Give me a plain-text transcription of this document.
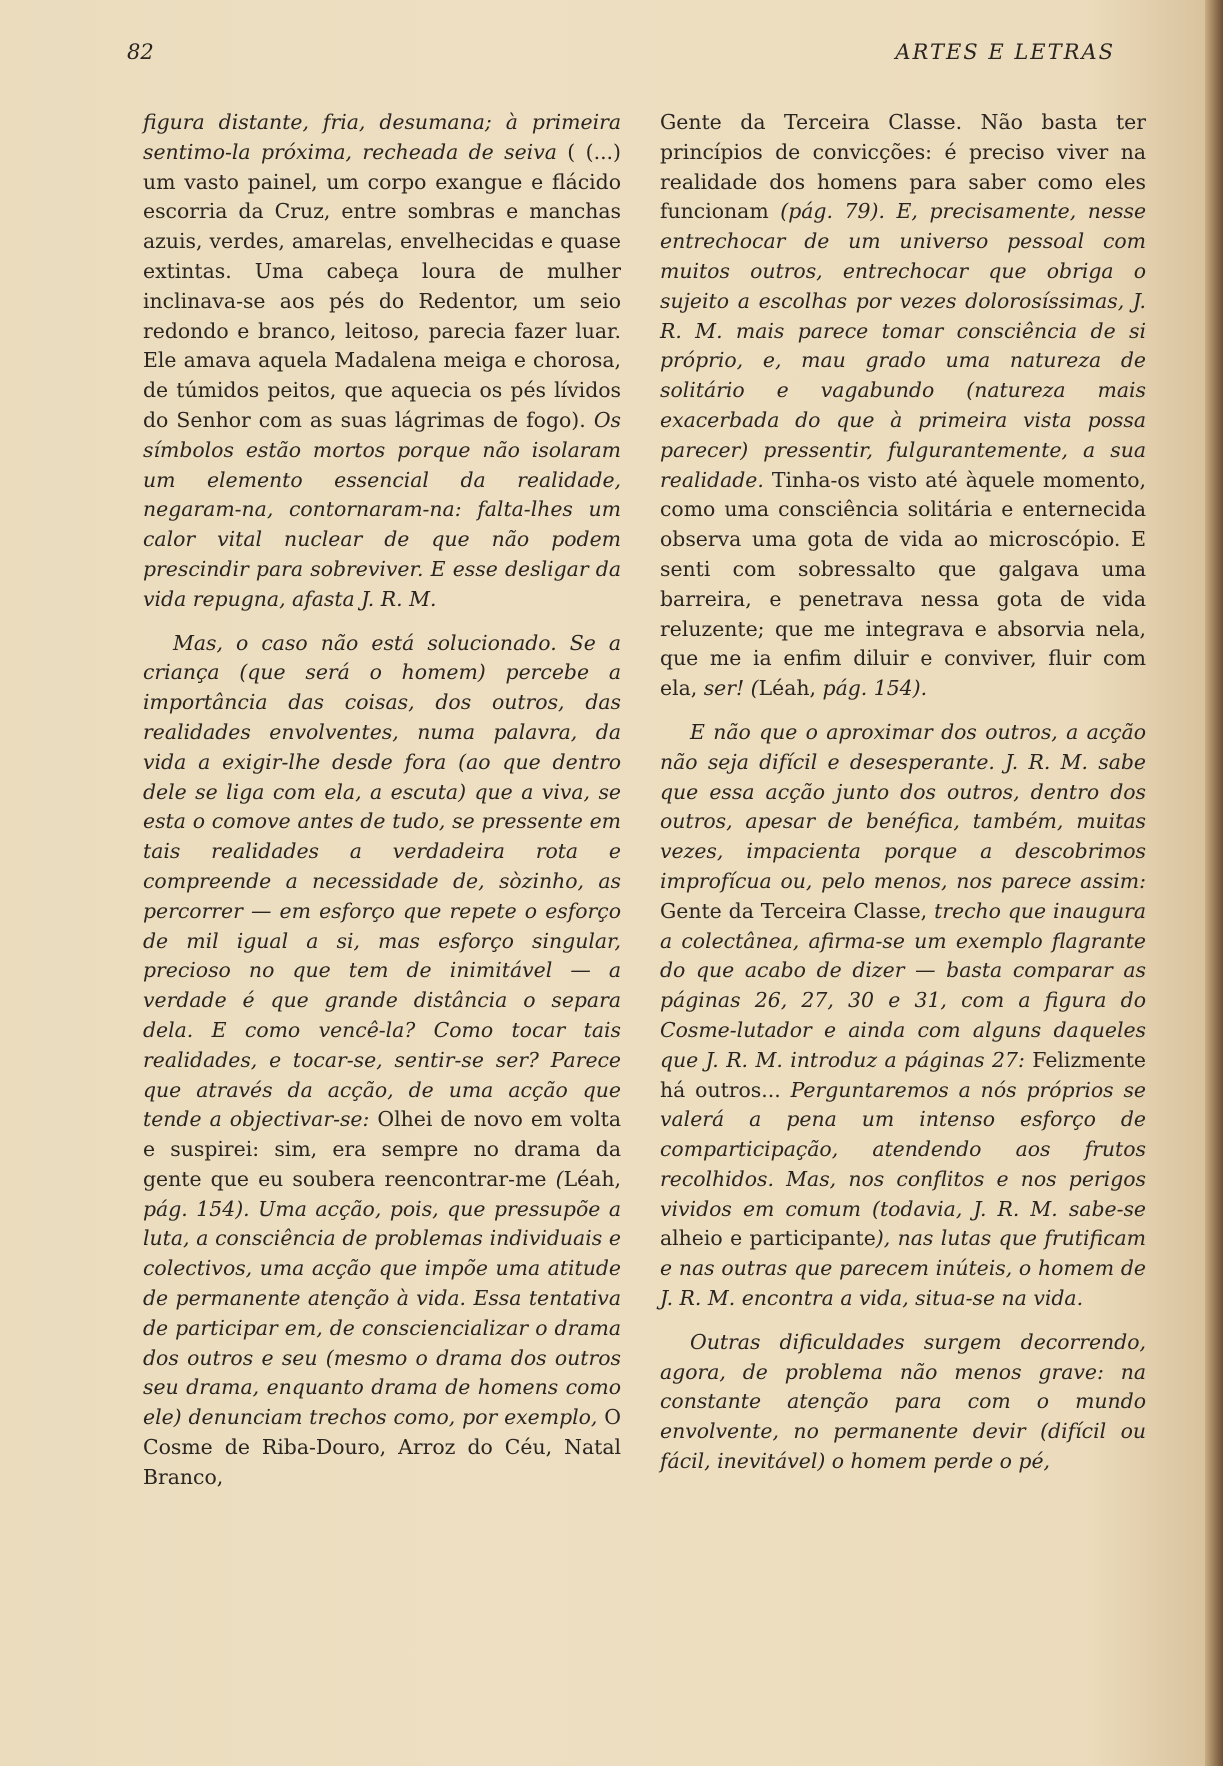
82	ARTES E LETRAS

figura distante, fria, desumana; à primeira sentimo-la próxima, recheada de seiva ( (...) um vasto painel, um corpo exangue e flácido escorria da Cruz, entre sombras e manchas azuis, verdes, amarelas, envelhecidas e quase extintas. Uma cabeça loura de mulher inclinava-se aos pés do Redentor, um seio redondo e branco, leitoso, parecia fazer luar. Ele amava aquela Madalena meiga e chorosa, de túmidos peitos, que aquecia os pés lívidos do Senhor com as suas lágrimas de fogo). Os símbolos estão mortos porque não isolaram um elemento essencial da realidade, negaram-na, contornaram-na: falta-lhes um calor vital nuclear de que não podem prescindir para sobreviver. E esse desligar da vida repugna, afasta J. R. M.

Mas, o caso não está solucionado. Se a criança (que será o homem) percebe a importância das coisas, dos outros, das realidades envolventes, numa palavra, da vida a exigir-lhe desde fora (ao que dentro dele se liga com ela, a escuta) que a viva, se esta o comove antes de tudo, se pressente em tais realidades a verdadeira rota e compreende a necessidade de, sòzinho, as percorrer — em esforço que repete o esforço de mil igual a si, mas esforço singular, precioso no que tem de inimitável — a verdade é que grande distância o separa dela. E como vencê-la? Como tocar tais realidades, e tocar-se, sentir-se ser? Parece que através da acção, de uma acção que tende a objectivar-se: Olhei de novo em volta e suspirei: sim, era sempre no drama da gente que eu soubera reencontrar-me (Léah, pág. 154). Uma acção, pois, que pressupõe a luta, a consciência de problemas individuais e colectivos, uma acção que impõe uma atitude de permanente atenção à vida. Essa tentativa de participar em, de consciencializar o drama dos outros e seu (mesmo o drama dos outros seu drama, enquanto drama de homens como ele) denunciam trechos como, por exemplo, O Cosme de Riba-Douro, Arroz do Céu, Natal Branco,

Gente da Terceira Classe. Não basta ter princípios de convicções: é preciso viver na realidade dos homens para saber como eles funcionam (pág. 79). E, precisamente, nesse entrechocar de um universo pessoal com muitos outros, entrechocar que obriga o sujeito a escolhas por vezes dolorosíssimas, J. R. M. mais parece tomar consciência de si próprio, e, mau grado uma natureza de solitário e vagabundo (natureza mais exacerbada do que à primeira vista possa parecer) pressentir, fulgurantemente, a sua realidade. Tinha-os visto até àquele momento, como uma consciência solitária e enternecida observa uma gota de vida ao microscópio. E senti com sobressalto que galgava uma barreira, e penetrava nessa gota de vida reluzente; que me integrava e absorvia nela, que me ia enfim diluir e conviver, fluir com ela, ser! (Léah, pág. 154).

E não que o aproximar dos outros, a acção não seja difícil e desesperante. J. R. M. sabe que essa acção junto dos outros, dentro dos outros, apesar de benéfica, também, muitas vezes, impacienta porque a descobrimos improfícua ou, pelo menos, nos parece assim: Gente da Terceira Classe, trecho que inaugura a colectânea, afirma-se um exemplo flagrante do que acabo de dizer — basta comparar as páginas 26, 27, 30 e 31, com a figura do Cosme-lutador e ainda com alguns daqueles que J. R. M. introduz a páginas 27: Felizmente há outros... Perguntaremos a nós próprios se valerá a pena um intenso esforço de comparticipação, atendendo aos frutos recolhidos. Mas, nos conflitos e nos perigos vividos em comum (todavia, J. R. M. sabe-se alheio e participante), nas lutas que frutificam e nas outras que parecem inúteis, o homem de J. R. M. encontra a vida, situa-se na vida.

Outras dificuldades surgem decorrendo, agora, de problema não menos grave: na constante atenção para com o mundo envolvente, no permanente devir (difícil ou fácil, inevitável) o homem perde o pé,
